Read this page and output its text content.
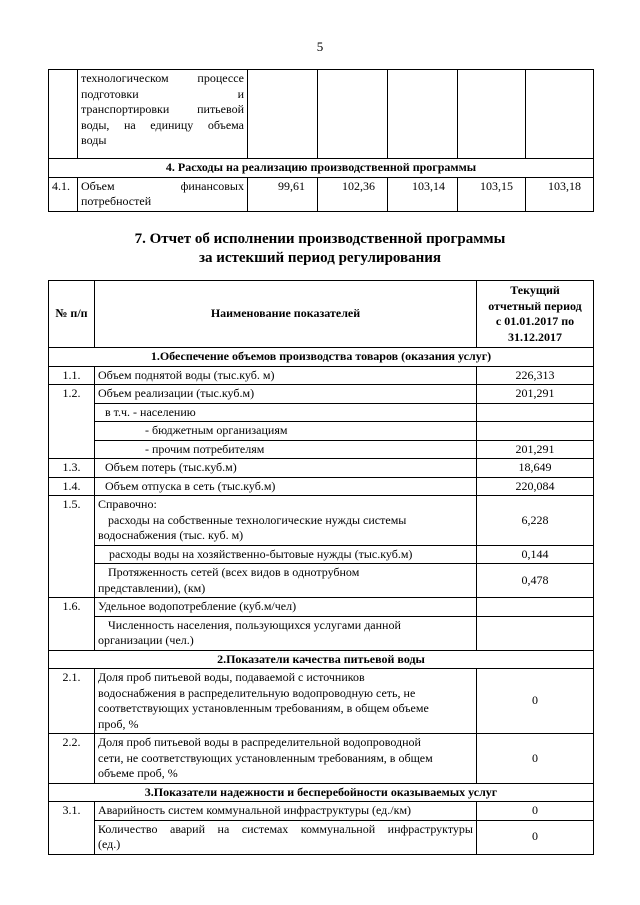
5

	технологическом процессе
подготовки и
транспортировки питьевой
воды, на единицу объема
воды					

4. Расходы на реализацию производственной программы						
4.1.	Объем финансовых
потребностей	99,61	102,36	103,14	103,15	103,18
7. Отчет об исполнении производственной программы
за истекший период регулирования
№ п/п	Наименование показателей	Текущий
отчетный период
с 01.01.2017 по
31.12.2017

1.Обеспечение объемов производства товаров (оказания услуг)		
1.1.	Объем поднятой воды (тыс.куб. м)	226,313
1.2.	Объем реализации (тыс.куб.м)	201,291
	в т.ч. - населению	
	- бюджетным организациям	
	- прочим потребителям	201,291
1.3.	Объем потерь (тыс.куб.м)	18,649
1.4.	Объем отпуска в сеть (тыс.куб.м)	220,084
1.5.	Справочно:
расходы на собственные технологические нужды системы
водоснабжения (тыс. куб. м)	6,228
	расходы воды на хозяйственно-бытовые нужды (тыс.куб.м)	0,144

	Протяженность сетей (всех видов в однотрубном
представлении), (км)	0,478
1.6.	Удельное водопотребление (куб.м/чел)	

	Численность населения, пользующихся услугами данной
организации (чел.)	

2.Показатели качества питьевой воды		
2.1.	Доля проб питьевой воды, подаваемой с источников
водоснабжения в распределительную водопроводную сеть, не
соответствующих установленным требованиям, в общем объеме
проб, %	0
2.2.	Доля проб питьевой воды в распределительной водопроводной
сети, не соответствующих установленным требованиям, в общем
объеме проб, %	0
3.Показатели надежности и бесперебойности оказываемых услуг		
3.1.	Аварийность систем коммунальной инфраструктуры (ед./км)	0

	Количество аварий на системах коммунальной инфраструктуры
(ед.)	0
